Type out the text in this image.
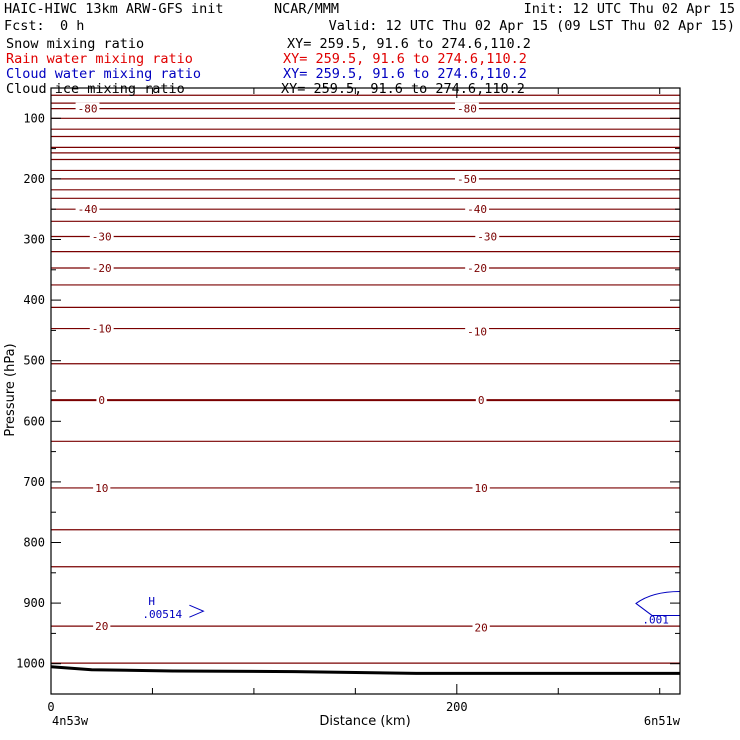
-80	-80
-50
-40	-40
-30	-30
-20	-20
-10	-10
0	0
10	10
20	20
H
.00514	.001
100
200
300
400
500
600
700
800
900
1000
0	200
Pressure (hPa)
Distance (km)
4n53w	6n51w
HAIC-HIWC 13km ARW-GFS init	NCAR/MMM	Init: 12 UTC Thu 02 Apr 15
Fcst: 0 h	Valid: 12 UTC Thu 02 Apr 15 (09 LST Thu 02 Apr 15)
Snow mixing ratio	XY= 259.5, 91.6 to 274.6,110.2
Rain water mixing ratio	XY= 259.5, 91.6 to 274.6,110.2
Cloud water mixing ratio	XY= 259.5, 91.6 to 274.6,110.2
Cloud ice mixing ratio	XY= 259.5, 91.6 to 274.6,110.2
